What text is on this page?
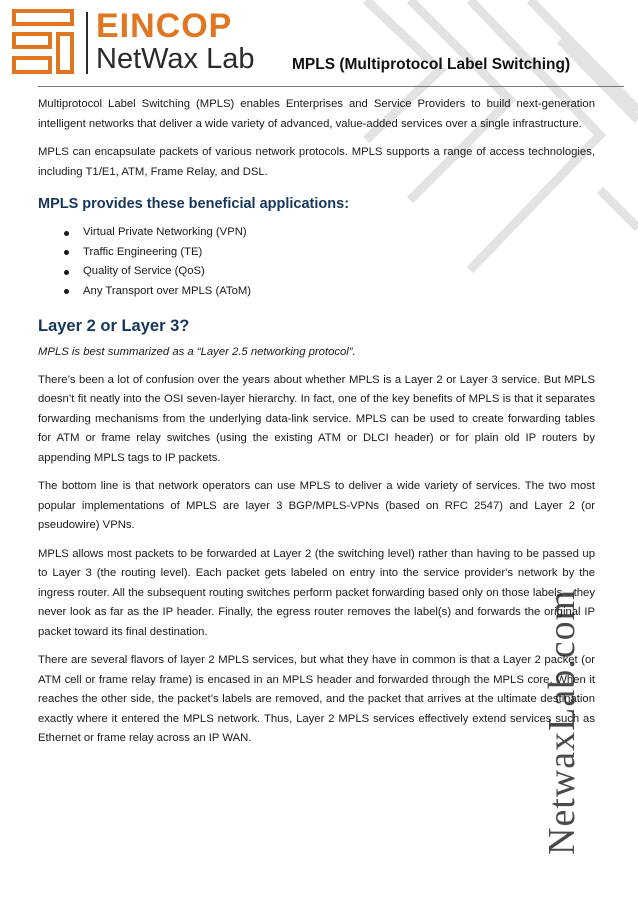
NetwaxLab.com
EINCOP
NetWax Lab MPLS (Multiprotocol Label Switching)

Multiprotocol Label Switching (MPLS) enables Enterprises and Service Providers to build next-generation intelligent networks that deliver a wide variety of advanced, value-added services over a single infrastructure.

MPLS can encapsulate packets of various network protocols. MPLS supports a range of access technologies, including T1/E1, ATM, Frame Relay, and DSL.

MPLS provides these beneficial applications:
Virtual Private Networking (VPN)
Traffic Engineering (TE)
Quality of Service (QoS)
Any Transport over MPLS (AToM)
Layer 2 or Layer 3?

MPLS is best summarized as a “Layer 2.5 networking protocol”.

There’s been a lot of confusion over the years about whether MPLS is a Layer 2 or Layer 3 service. But MPLS doesn’t fit neatly into the OSI seven-layer hierarchy. In fact, one of the key benefits of MPLS is that it separates forwarding mechanisms from the underlying data-link service. MPLS can be used to create forwarding tables for ATM or frame relay switches (using the existing ATM or DLCI header) or for plain old IP routers by appending MPLS tags to IP packets.

The bottom line is that network operators can use MPLS to deliver a wide variety of services. The two most popular implementations of MPLS are layer 3 BGP/MPLS-VPNs (based on RFC 2547) and Layer 2 (or pseudowire) VPNs.

MPLS allows most packets to be forwarded at Layer 2 (the switching level) rather than having to be passed up to Layer 3 (the routing level). Each packet gets labeled on entry into the service provider's network by the ingress router. All the subsequent routing switches perform packet forwarding based only on those labels—they never look as far as the IP header. Finally, the egress router removes the label(s) and forwards the original IP packet toward its final destination.

There are several flavors of layer 2 MPLS services, but what they have in common is that a Layer 2 packet (or ATM cell or frame relay frame) is encased in an MPLS header and forwarded through the MPLS core. When it reaches the other side, the packet’s labels are removed, and the packet that arrives at the ultimate destination exactly where it entered the MPLS network. Thus, Layer 2 MPLS services effectively extend services such as Ethernet or frame relay across an IP WAN.
